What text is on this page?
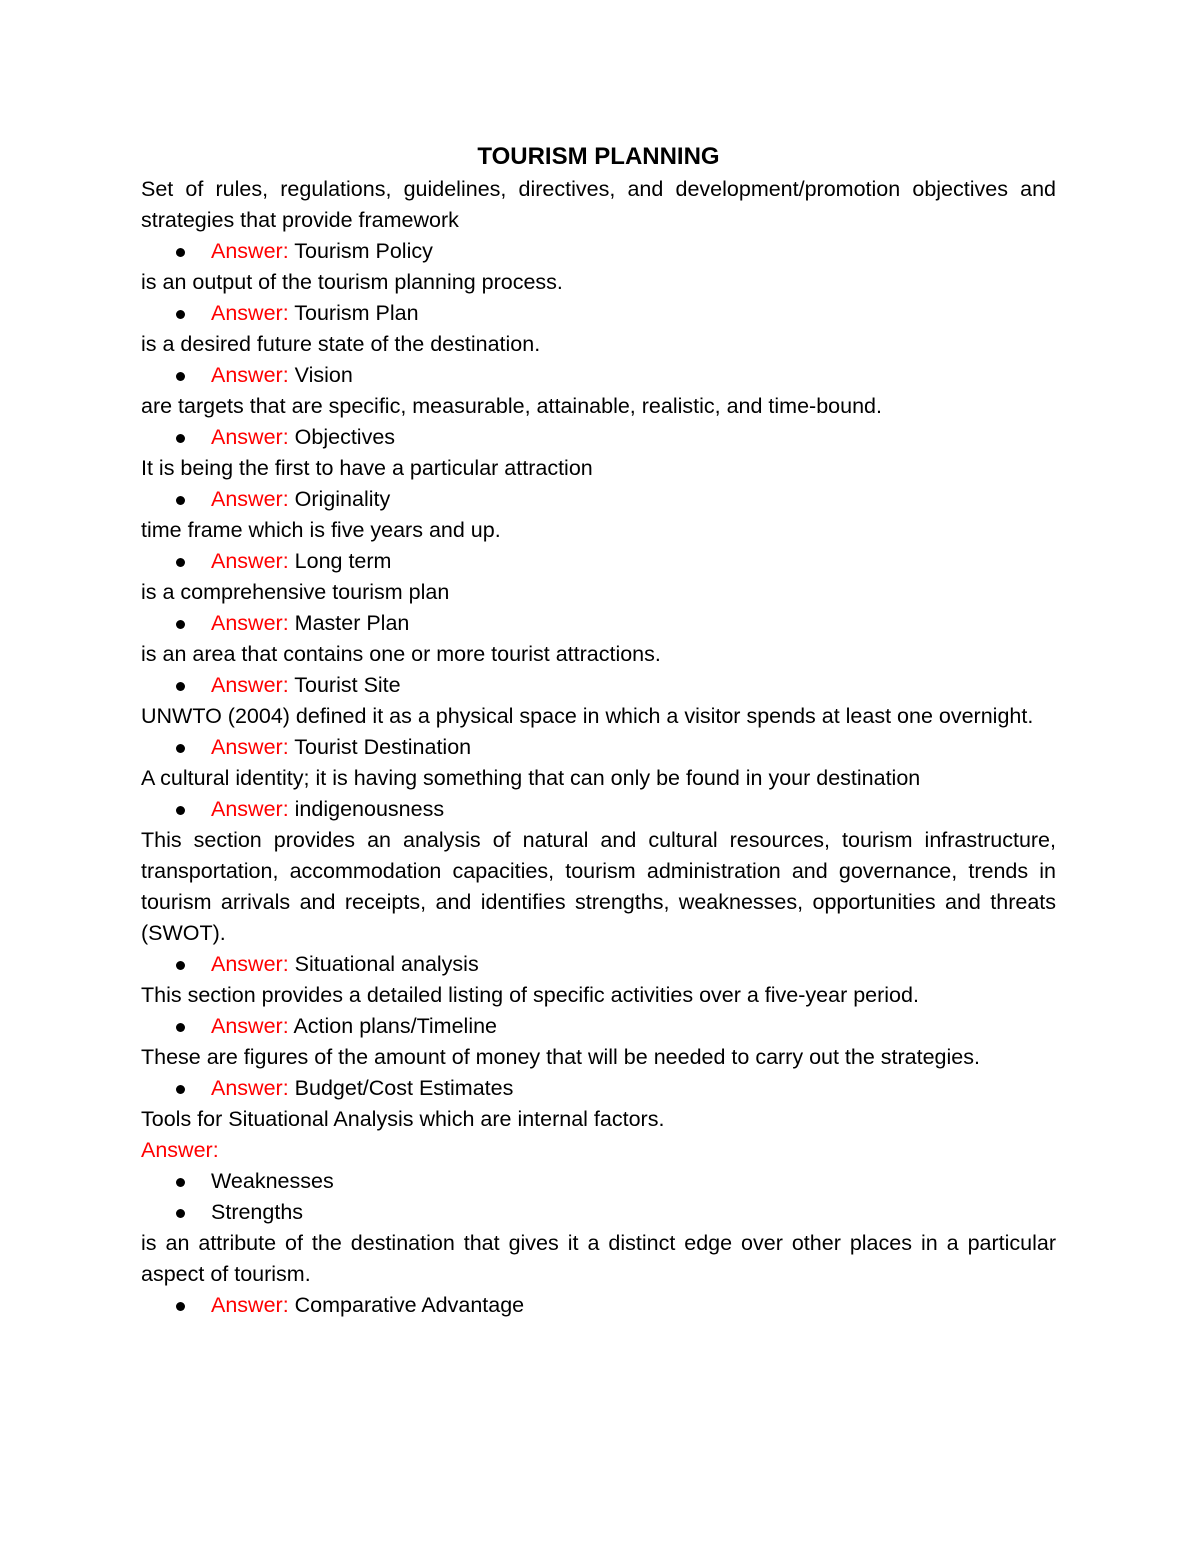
TOURISM PLANNING

Set of rules, regulations, guidelines, directives, and development/promotion objectives and strategies that provide framework

Answer: Tourism Policy

is an output of the tourism planning process.

Answer: Tourism Plan

is a desired future state of the destination.

Answer: Vision

are targets that are specific, measurable, attainable, realistic, and time-bound.

Answer: Objectives

It is being the first to have a particular attraction

Answer: Originality

time frame which is five years and up.

Answer: Long term

is a comprehensive tourism plan

Answer: Master Plan

is an area that contains one or more tourist attractions.

Answer: Tourist Site

UNWTO (2004) defined it as a physical space in which a visitor spends at least one overnight.

Answer: Tourist Destination

A cultural identity; it is having something that can only be found in your destination

Answer: indigenousness

This section provides an analysis of natural and cultural resources, tourism infrastructure, transportation, accommodation capacities, tourism administration and governance, trends in tourism arrivals and receipts, and identifies strengths, weaknesses, opportunities and threats (SWOT).

Answer: Situational analysis

This section provides a detailed listing of specific activities over a five-year period.

Answer: Action plans/Timeline

These are figures of the amount of money that will be needed to carry out the strategies.

Answer: Budget/Cost Estimates

Tools for Situational Analysis which are internal factors.

Answer:

Weaknesses
Strengths

is an attribute of the destination that gives it a distinct edge over other places in a particular aspect of tourism.

Answer: Comparative Advantage
